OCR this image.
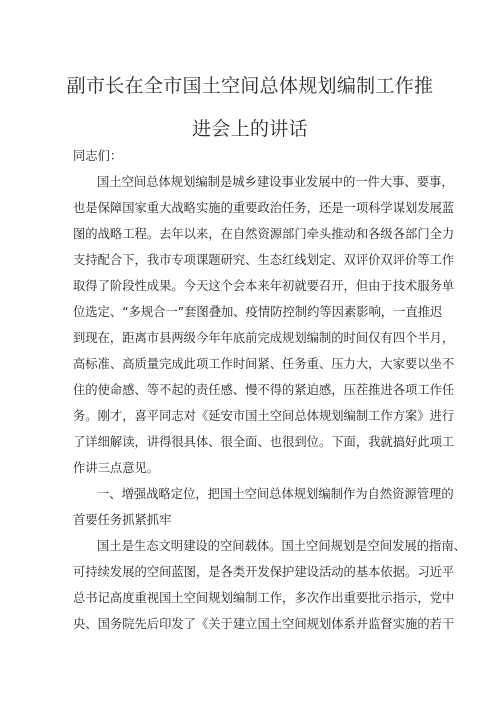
副市长在全市国土空间总体规划编制工作推
进会上的讲话
同志们：
国土空间总体规划编制是城乡建设事业发展中的一件大事、要事，
也是保障国家重大战略实施的重要政治任务，还是一项科学谋划发展蓝
图的战略工程。去年以来，在自然资源部门牵头推动和各级各部门全力
支持配合下，我市专项课题研究、生态红线划定、双评价双评价等工作
取得了阶段性成果。今天这个会本来年初就要召开，但由于技术服务单
位选定、“多规合一”套图叠加、疫情防控制约等因素影响，一直推迟
到现在，距离市县两级今年年底前完成规划编制的时间仅有四个半月，
高标准、高质量完成此项工作时间紧、任务重、压力大，大家要以坐不
住的使命感、等不起的责任感、慢不得的紧迫感，压茬推进各项工作任
务。刚才，喜平同志对《延安市国土空间总体规划编制工作方案》进行
了详细解读，讲得很具体、很全面、也很到位。下面，我就搞好此项工
作讲三点意见。
一、增强战略定位，把国土空间总体规划编制作为自然资源管理的
首要任务抓紧抓牢
国土是生态文明建设的空间载体。国土空间规划是空间发展的指南、
可持续发展的空间蓝图，是各类开发保护建设活动的基本依据。习近平
总书记高度重视国土空间规划编制工作，多次作出重要批示指示，党中
央、国务院先后印发了《关于建立国土空间规划体系并监督实施的若干
